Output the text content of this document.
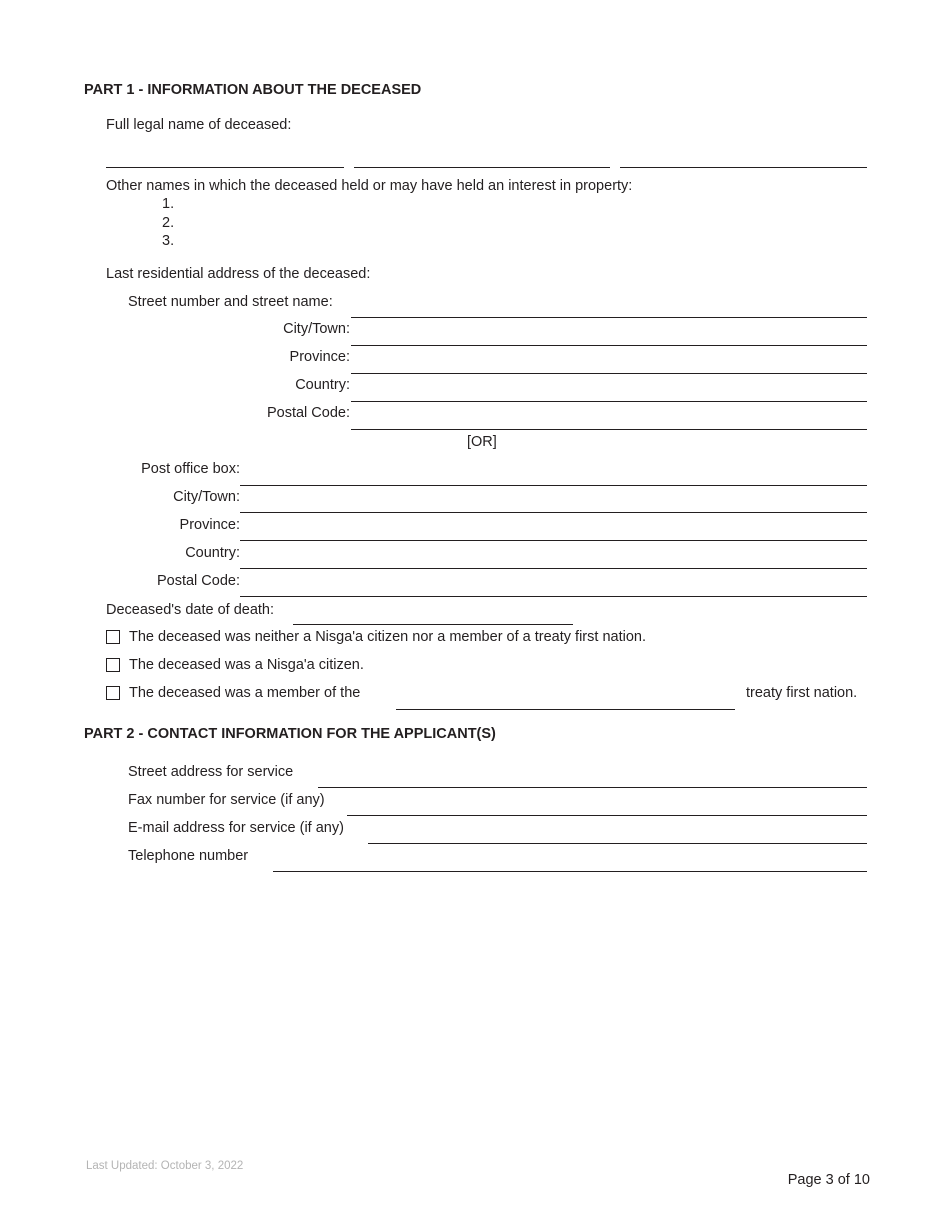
PART 1 - INFORMATION ABOUT THE DECEASED
Full legal name of deceased:
Other names in which the deceased held or may have held an interest in property:
1.
2.
3.
Last residential address of the deceased:
Street number and street name:
City/Town:
Province:
Country:
Postal Code:
[OR]
Post office box:
City/Town:
Province:
Country:
Postal Code:
Deceased's date of death:
The deceased was neither a Nisga'a citizen nor a member of a treaty first nation.
The deceased was a Nisga'a citizen.
The deceased was a member of the	treaty first nation.
PART 2 - CONTACT INFORMATION FOR THE APPLICANT(S)
Street address for service
Fax number for service (if any)
E-mail address for service (if any)
Telephone number
Last Updated: October 3, 2022
Page 3 of 10
